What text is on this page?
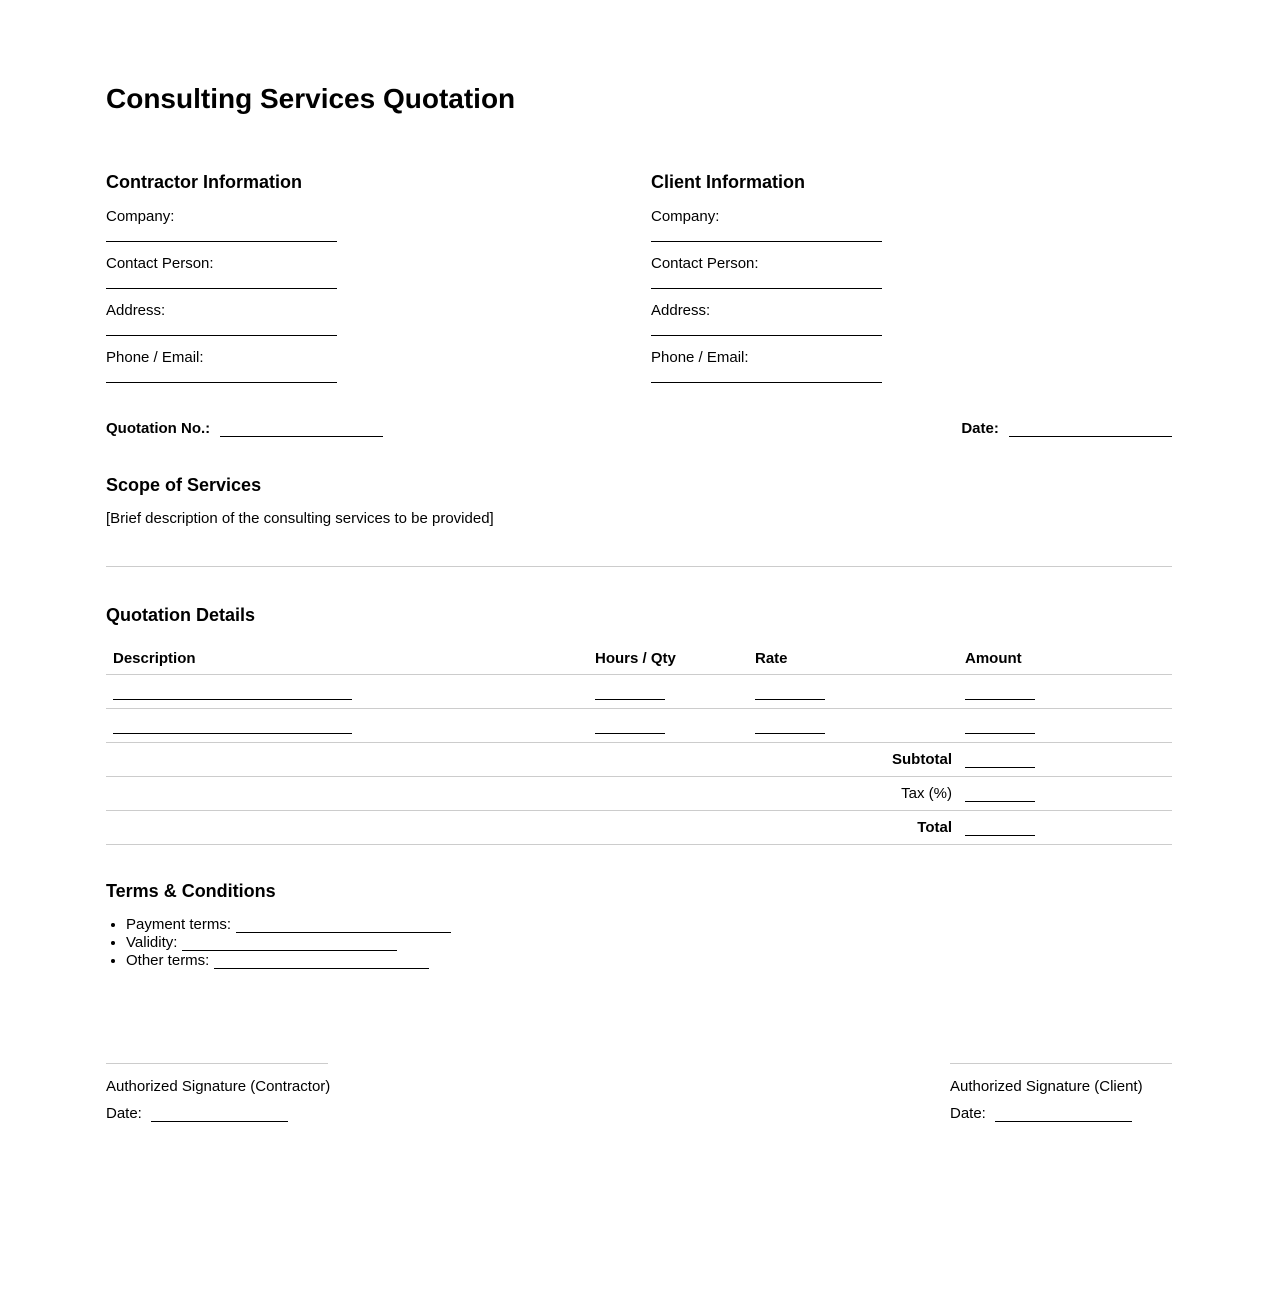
Consulting Services Quotation
Contractor Information
Company:
Contact Person:
Address:
Phone / Email:
Client Information
Company:
Contact Person:
Address:
Phone / Email:
Quotation No.:	Date:
Scope of Services
[Brief description of the consulting services to be provided]
Quotation Details
Description	Hours / Qty	Rate	Amount
Subtotal
Tax (%)
Total
Terms & Conditions
• Payment terms:
• Validity:
• Other terms:
Authorized Signature (Contractor)
Date:
Authorized Signature (Client)
Date:
